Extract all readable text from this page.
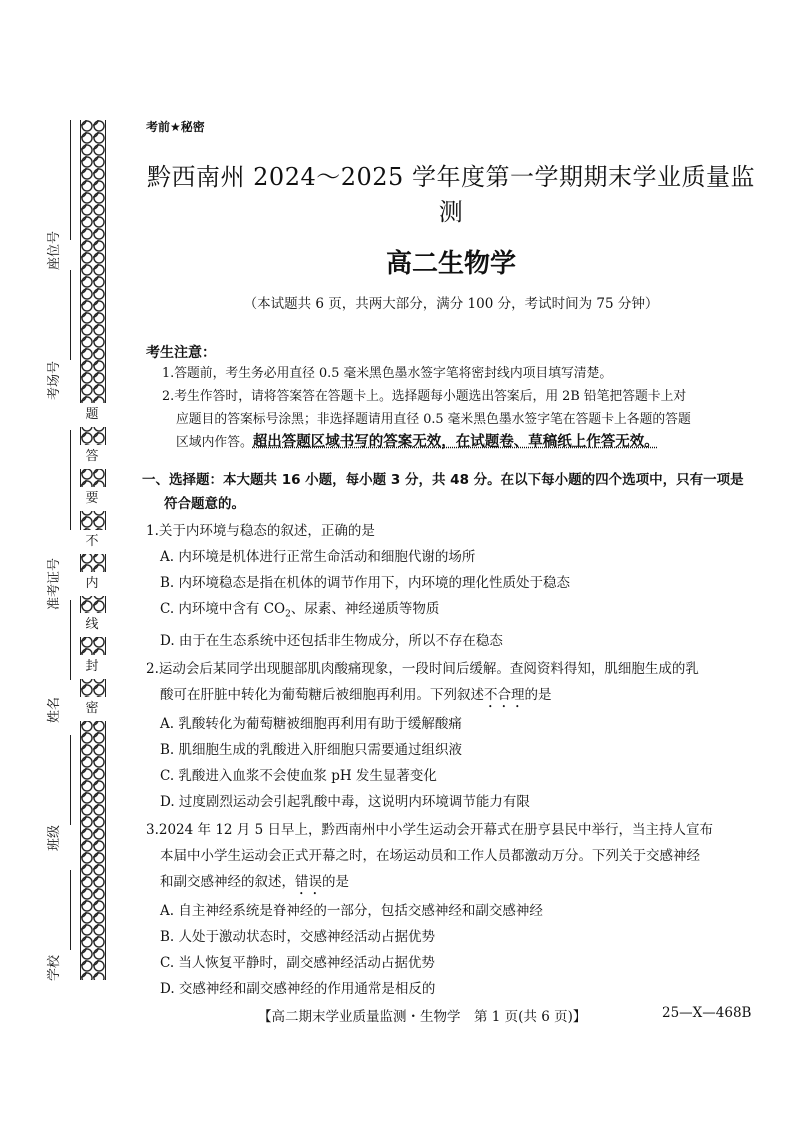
座位号
考场号
准考证号
姓名
班级
学校
题
答
要
不
内
线
封
密
考前★秘密
黔西南州 2024～2025 学年度第一学期期末学业质量监测
高二生物学
（本试题共 6 页，共两大部分，满分 100 分，考试时间为 75 分钟）
考生注意：
1.答题前，考生务必用直径 0.5 毫米黑色墨水签字笔将密封线内项目填写清楚。
2.考生作答时，请将答案答在答题卡上。选择题每小题选出答案后，用 2B 铅笔把答题卡上对
应题目的答案标号涂黑；非选择题请用直径 0.5 毫米黑色墨水签字笔在答题卡上各题的答题
区域内作答。超出答题区域书写的答案无效，在试题卷、草稿纸上作答无效。
一、选择题：本大题共 16 小题，每小题 3 分，共 48 分。在以下每小题的四个选项中，只有一项是
符合题意的。
1.关于内环境与稳态的叙述，正确的是
A. 内环境是机体进行正常生命活动和细胞代谢的场所
B. 内环境稳态是指在机体的调节作用下，内环境的理化性质处于稳态
C. 内环境中含有 $CO_2$、尿素、神经递质等物质
D. 由于在生态系统中还包括非生物成分，所以不存在稳态
2.运动会后某同学出现腿部肌肉酸痛现象，一段时间后缓解。查阅资料得知，肌细胞生成的乳
酸可在肝脏中转化为葡萄糖后被细胞再利用。下列叙述不合理的是
A. 乳酸转化为葡萄糖被细胞再利用有助于缓解酸痛
B. 肌细胞生成的乳酸进入肝细胞只需要通过组织液
C. 乳酸进入血浆不会使血浆 pH 发生显著变化
D. 过度剧烈运动会引起乳酸中毒，这说明内环境调节能力有限
3.2024 年 12 月 5 日早上，黔西南州中小学生运动会开幕式在册亨县民中举行，当主持人宣布
本届中小学生运动会正式开幕之时，在场运动员和工作人员都激动万分。下列关于交感神经
和副交感神经的叙述，错误的是
A. 自主神经系统是脊神经的一部分，包括交感神经和副交感神经
B. 人处于激动状态时，交感神经活动占据优势
C. 当人恢复平静时，副交感神经活动占据优势
D. 交感神经和副交感神经的作用通常是相反的
【高二期末学业质量监测・生物学　第 1 页(共 6 页)】	25—X—468B
